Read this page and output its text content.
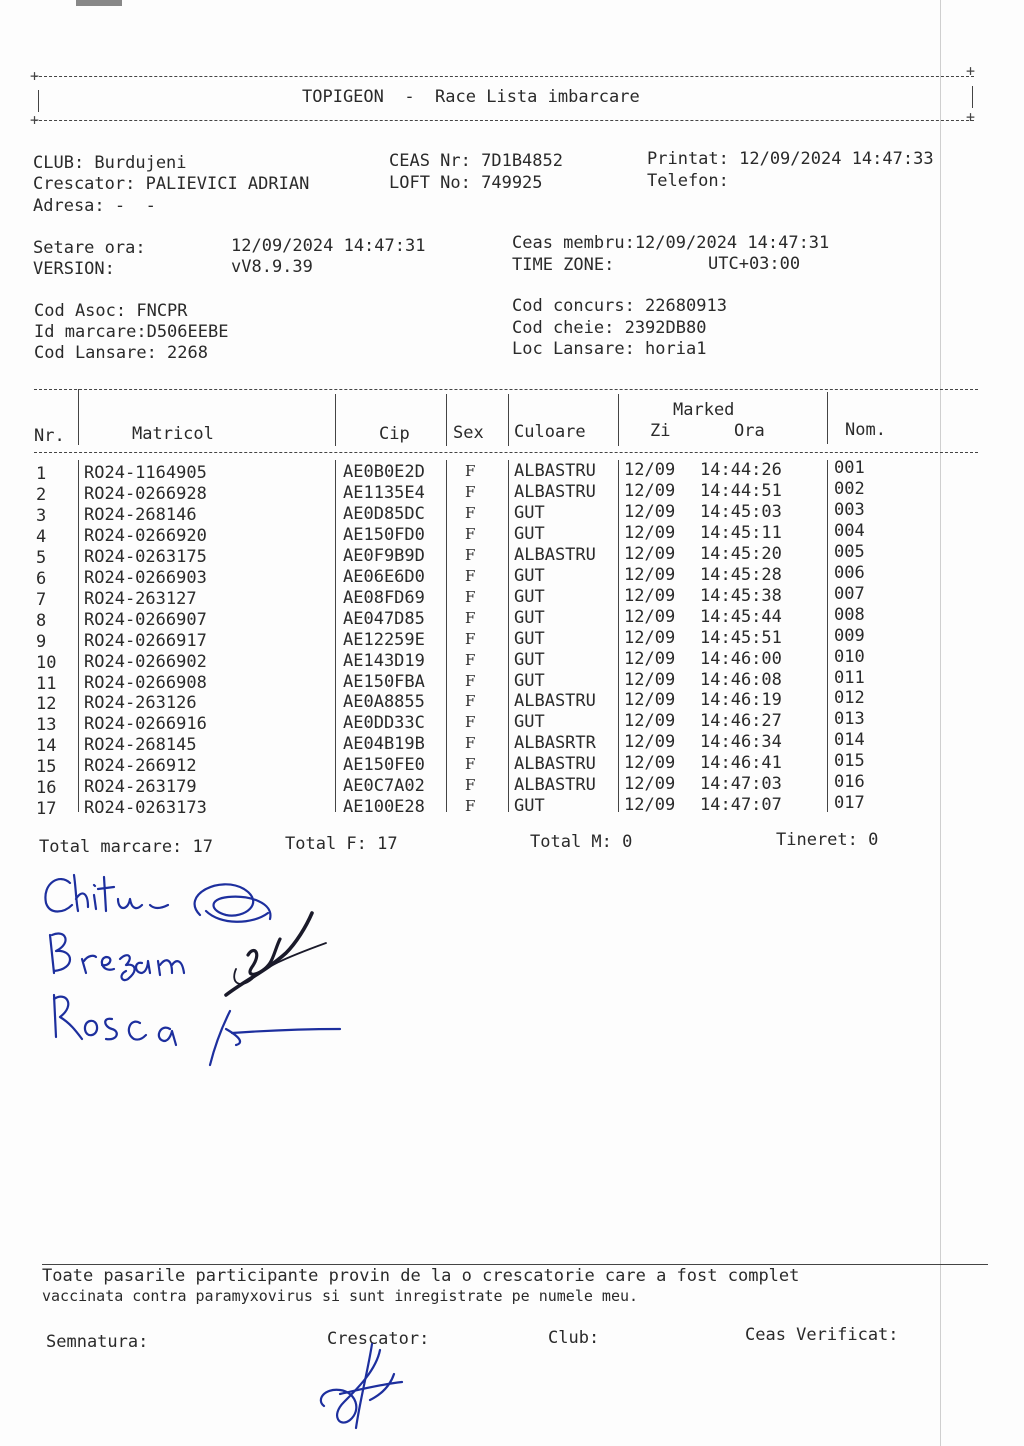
+	+
+	+
TOPIGEON  -  Race Lista imbarcare
CLUB: Burdujeni
Crescator: PALIEVICI ADRIAN
Adresa: -  -
CEAS Nr: 7D1B4852
LOFT No: 749925
Printat: 12/09/2024 14:47:33
Telefon:
Setare ora:	12/09/2024 14:47:31
VERSION:	vV8.9.39
Ceas membru:12/09/2024 14:47:31
TIME ZONE:	UTC+03:00
Cod Asoc: FNCPR
Id marcare:D506EEBE
Cod Lansare: 2268
Cod concurs: 22680913
Cod cheie: 2392DB80
Loc Lansare: horia1
Marked
Nr.	Matricol	Cip	Sex Culoare	Zi	Ora	Nom.
1 RO24-1164905	AE0B0E2D	F ALBASTRU 12/09 14:44:26	001
2 RO24-0266928	AE1135E4	F ALBASTRU 12/09 14:44:51	002
3 RO24-268146	AE0D85DC	F GUT	12/09 14:45:03	003
4 RO24-0266920	AE150FD0	F GUT	12/09 14:45:11	004
5 RO24-0263175	AE0F9B9D	F ALBASTRU 12/09 14:45:20	005
6 RO24-0266903	AE06E6D0	F GUT	12/09 14:45:28	006
7 RO24-263127	AE08FD69	F GUT	12/09 14:45:38	007
8 RO24-0266907	AE047D85	F GUT	12/09 14:45:44	008
9 RO24-0266917	AE12259E	F GUT	12/09 14:45:51	009
10 RO24-0266902	AE143D19	F GUT	12/09 14:46:00	010
11 RO24-0266908	AE150FBA	F GUT	12/09 14:46:08	011
12 RO24-263126	AE0A8855	F ALBASTRU 12/09 14:46:19	012
13 RO24-0266916	AE0DD33C	F GUT	12/09 14:46:27	013
14 RO24-268145	AE04B19B	F ALBASRTR 12/09 14:46:34	014
15 RO24-266912	AE150FE0	F ALBASTRU 12/09 14:46:41	015
16 RO24-263179	AE0C7A02	F ALBASTRU 12/09 14:47:03	016
17 RO24-0263173	AE100E28	F GUT	12/09 14:47:07	017
Total marcare: 17	Total F: 17	Total M: 0	Tineret: 0
Toate pasarile participante provin de la o crescatorie care a fost complet
vaccinata contra paramyxovirus si sunt inregistrate pe numele meu.
Semnatura:	Crescator:	Club:	Ceas Verificat:
